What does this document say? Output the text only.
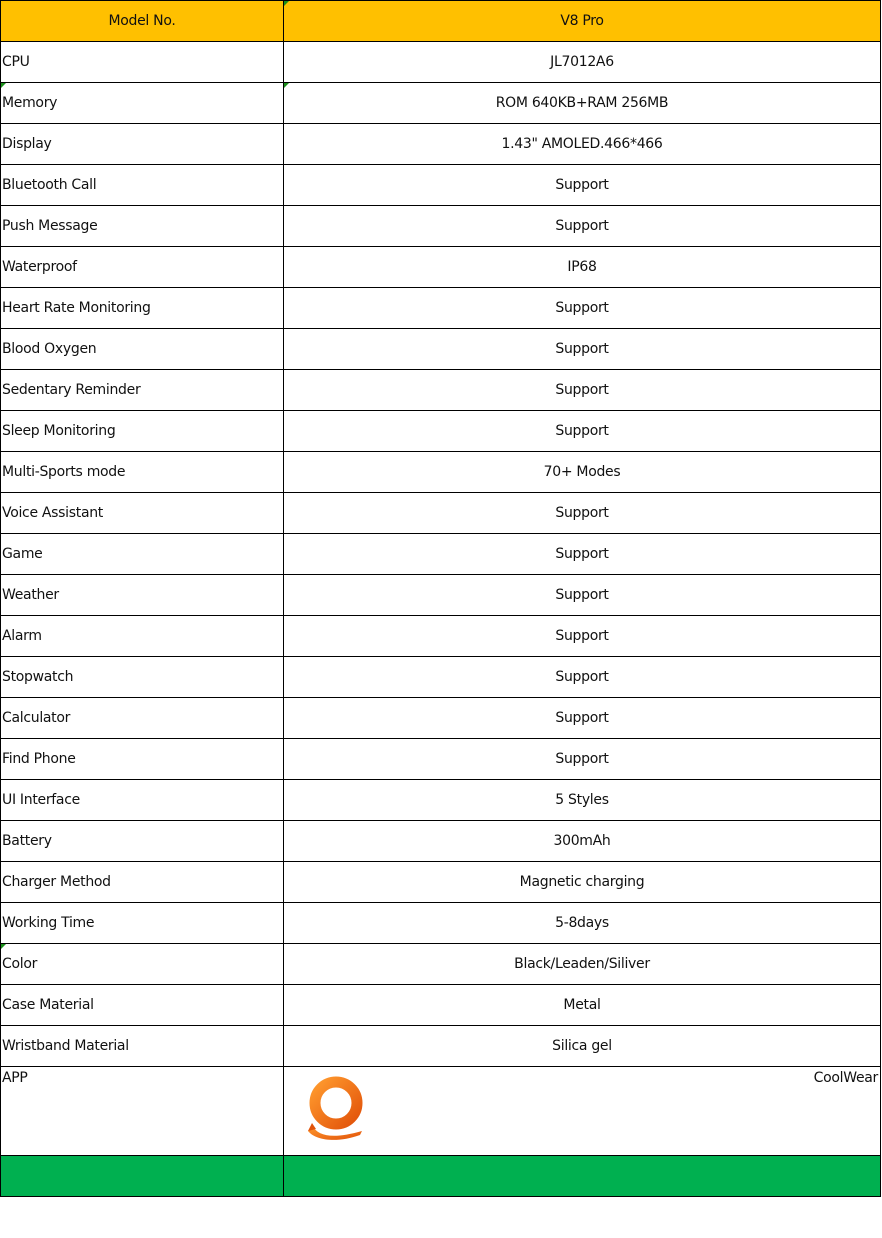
Model No.	V8 Pro
CPU	JL7012A6
Memory	ROM 640KB+RAM 256MB
Display	1.43" AMOLED.466*466
Bluetooth Call	Support
Push Message	Support
Waterproof	IP68
Heart Rate Monitoring	Support
Blood Oxygen	Support
Sedentary Reminder	Support
Sleep Monitoring	Support
Multi-Sports mode	70+ Modes
Voice Assistant	Support
Game	Support
Weather	Support
Alarm	Support
Stopwatch	Support
Calculator	Support
Find Phone	Support
UI Interface	5 Styles
Battery	300mAh
Charger Method	Magnetic charging
Working Time	5-8days
Color	Black/Leaden/Siliver
Case Material	Metal
Wristband Material	Silica gel
APP	CoolWear
